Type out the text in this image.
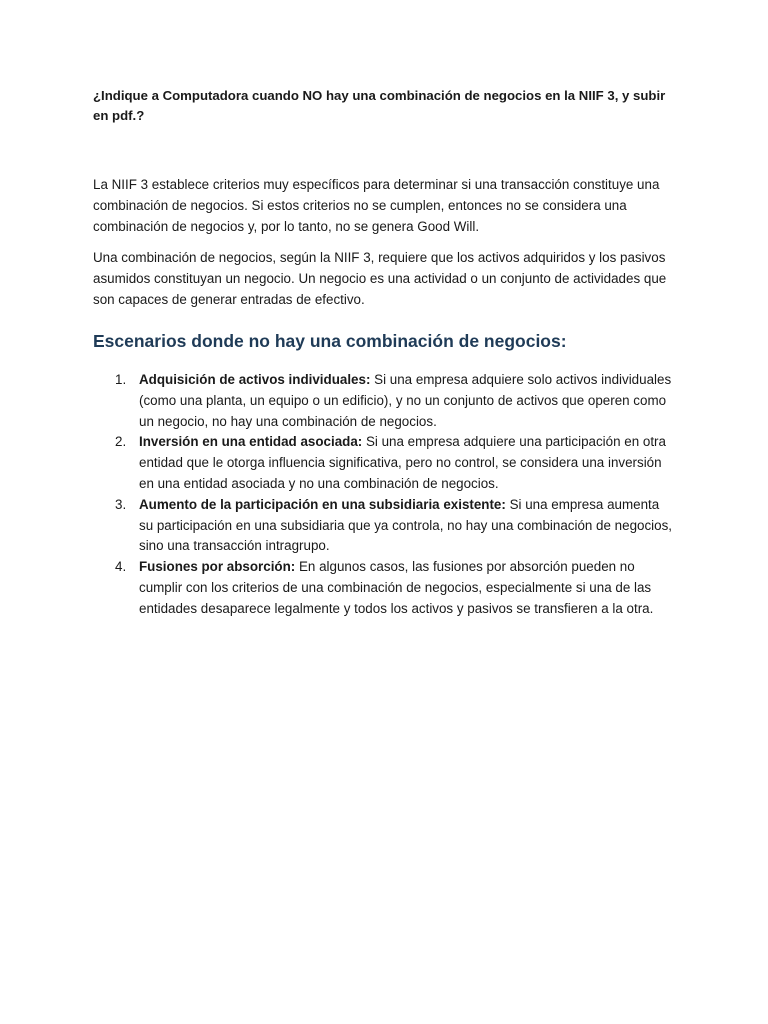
¿Indique a Computadora cuando NO hay una combinación de negocios en la NIIF 3, y subir en pdf.?

La NIIF 3 establece criterios muy específicos para determinar si una transacción constituye una combinación de negocios. Si estos criterios no se cumplen, entonces no se considera una combinación de negocios y, por lo tanto, no se genera Good Will.

Una combinación de negocios, según la NIIF 3, requiere que los activos adquiridos y los pasivos asumidos constituyan un negocio. Un negocio es una actividad o un conjunto de actividades que son capaces de generar entradas de efectivo.

Escenarios donde no hay una combinación de negocios:
1. Adquisición de activos individuales: Si una empresa adquiere solo activos individuales (como una planta, un equipo o un edificio), y no un conjunto de activos que operen como un negocio, no hay una combinación de negocios.
2. Inversión en una entidad asociada: Si una empresa adquiere una participación en otra entidad que le otorga influencia significativa, pero no control, se considera una inversión en una entidad asociada y no una combinación de negocios.
3. Aumento de la participación en una subsidiaria existente: Si una empresa aumenta su participación en una subsidiaria que ya controla, no hay una combinación de negocios, sino una transacción intragrupo.
4. Fusiones por absorción: En algunos casos, las fusiones por absorción pueden no cumplir con los criterios de una combinación de negocios, especialmente si una de las entidades desaparece legalmente y todos los activos y pasivos se transfieren a la otra.
